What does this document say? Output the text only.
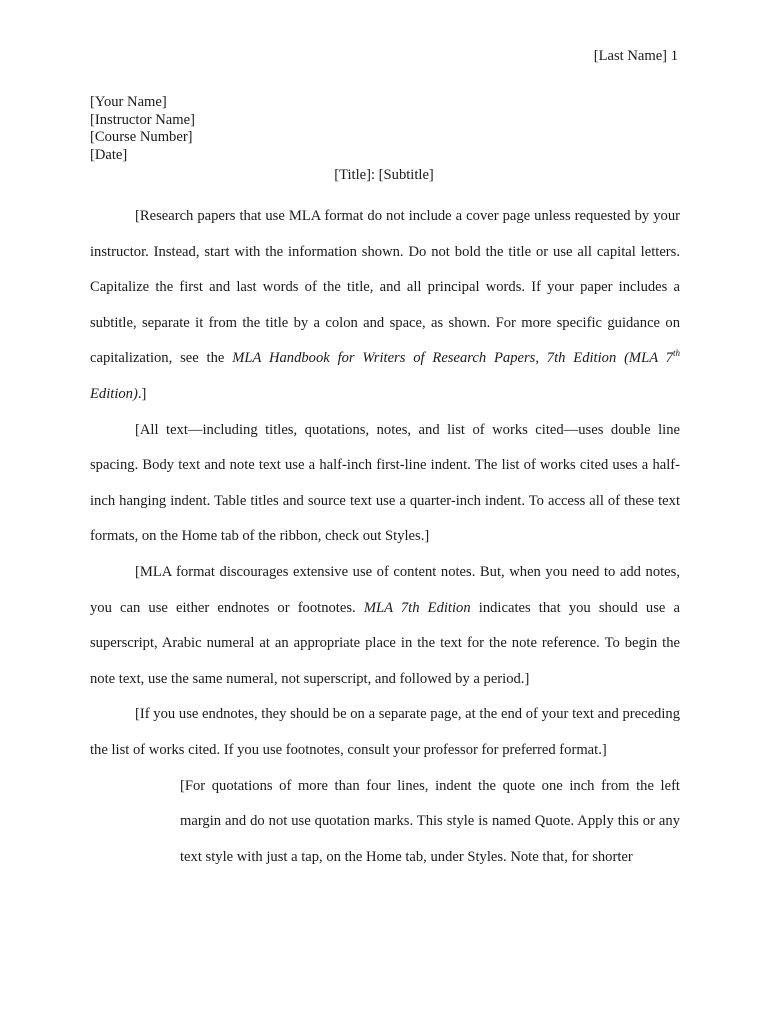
[Last Name] 1
[Your Name]
[Instructor Name]
[Course Number]
[Date]
[Title]: [Subtitle]

[Research papers that use MLA format do not include a cover page unless requested by your instructor. Instead, start with the information shown. Do not bold the title or use all capital letters. Capitalize the first and last words of the title, and all principal words. If your paper includes a subtitle, separate it from the title by a colon and space, as shown. For more specific guidance on capitalization, see the MLA Handbook for Writers of Research Papers, 7th Edition (MLA 7th Edition).]

[All text—including titles, quotations, notes, and list of works cited—uses double line spacing. Body text and note text use a half-inch first-line indent. The list of works cited uses a half-inch hanging indent. Table titles and source text use a quarter-inch indent. To access all of these text formats, on the Home tab of the ribbon, check out Styles.]

[MLA format discourages extensive use of content notes. But, when you need to add notes, you can use either endnotes or footnotes. MLA 7th Edition indicates that you should use a superscript, Arabic numeral at an appropriate place in the text for the note reference. To begin the note text, use the same numeral, not superscript, and followed by a period.]

[If you use endnotes, they should be on a separate page, at the end of your text and preceding the list of works cited. If you use footnotes, consult your professor for preferred format.]

[For quotations of more than four lines, indent the quote one inch from the left margin and do not use quotation marks. This style is named Quote. Apply this or any text style with just a tap, on the Home tab, under Styles. Note that, for shorter
